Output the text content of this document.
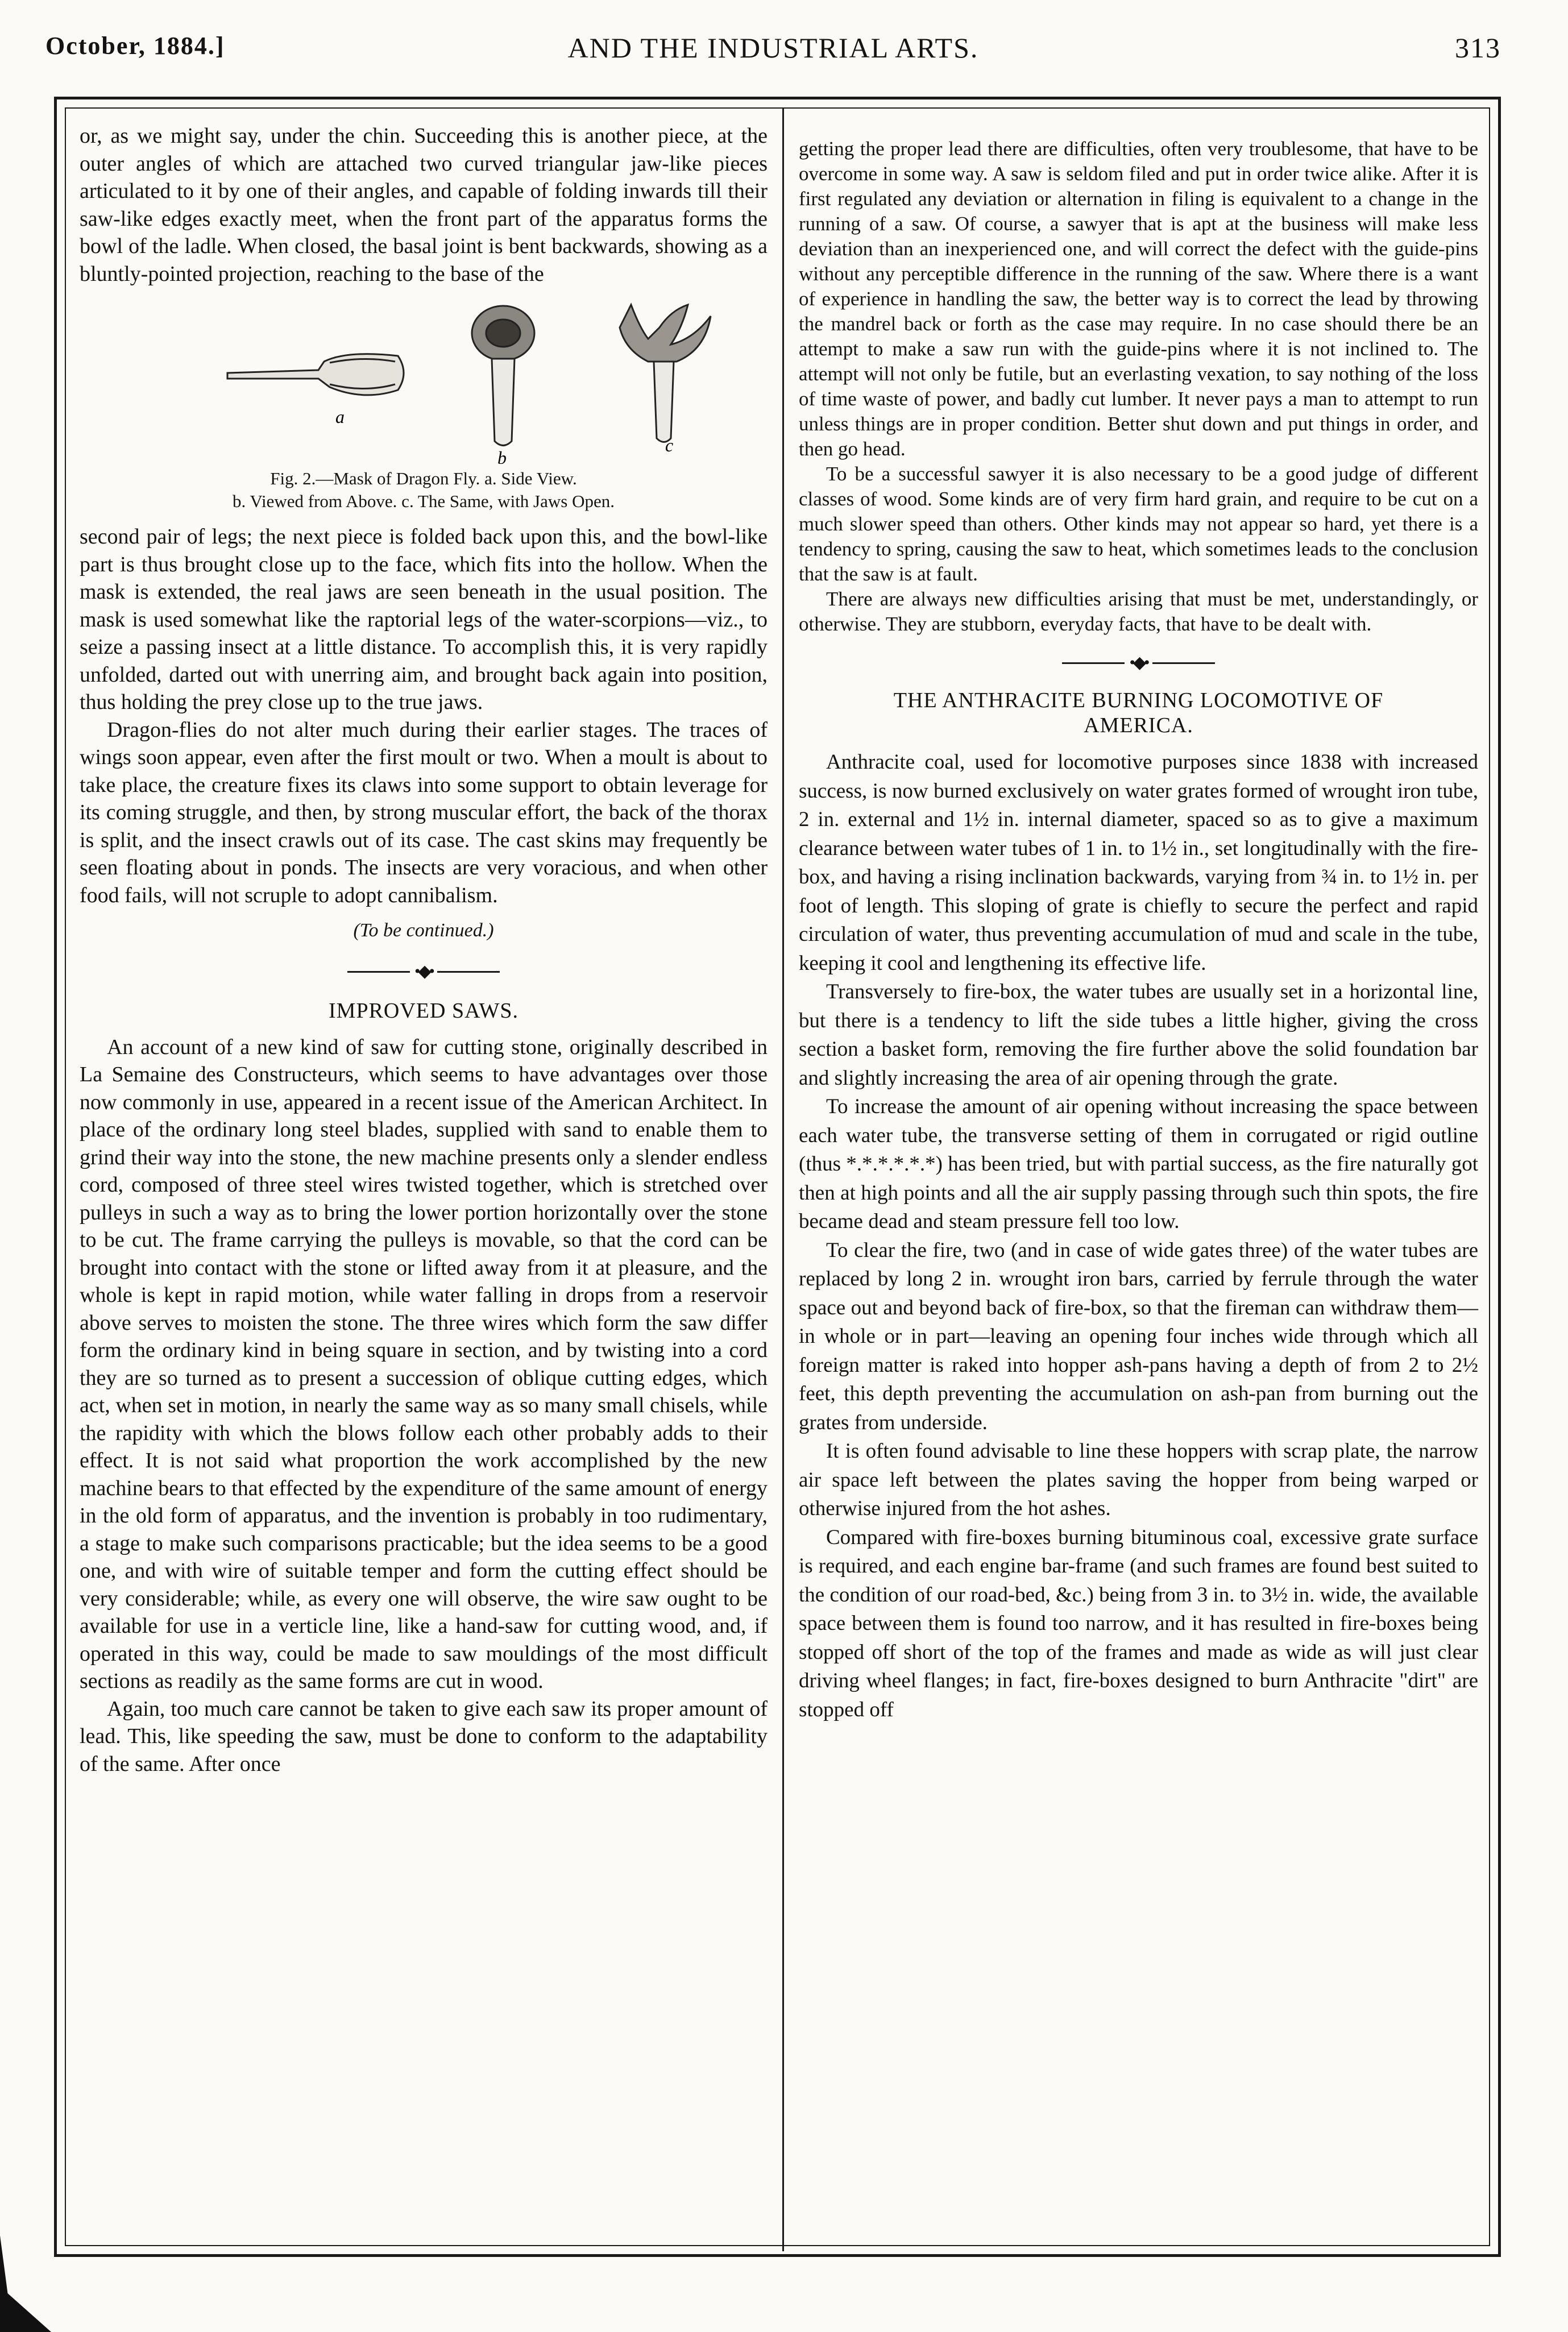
October, 1884.]	AND THE INDUSTRIAL ARTS.	313

or, as we might say, under the chin. Succeeding this is another piece, at the outer angles of which are attached two curved triangular jaw-like pieces articulated to it by one of their angles, and capable of folding inwards till their saw-like edges exactly meet, when the front part of the apparatus forms the bowl of the ladle. When closed, the basal joint is bent backwards, showing as a bluntly-pointed projection, reaching to the base of the

a
b
c
Fig. 2.—Mask of Dragon Fly. a. Side View.
b. Viewed from Above. c. The Same, with Jaws Open.

second pair of legs; the next piece is folded back upon this, and the bowl-like part is thus brought close up to the face, which fits into the hollow. When the mask is extended, the real jaws are seen beneath in the usual position. The mask is used somewhat like the raptorial legs of the water-scorpions—viz., to seize a passing insect at a little distance. To accomplish this, it is very rapidly unfolded, darted out with unerring aim, and brought back again into position, thus holding the prey close up to the true jaws.

Dragon-flies do not alter much during their earlier stages. The traces of wings soon appear, even after the first moult or two. When a moult is about to take place, the creature fixes its claws into some support to obtain leverage for its coming struggle, and then, by strong muscular effort, the back of the thorax is split, and the insect crawls out of its case. The cast skins may frequently be seen floating about in ponds. The insects are very voracious, and when other food fails, will not scruple to adopt cannibalism.

(To be continued.)
•◆•
IMPROVED SAWS.

An account of a new kind of saw for cutting stone, originally described in La Semaine des Constructeurs, which seems to have advantages over those now commonly in use, appeared in a recent issue of the American Architect. In place of the ordinary long steel blades, supplied with sand to enable them to grind their way into the stone, the new machine presents only a slender endless cord, composed of three steel wires twisted together, which is stretched over pulleys in such a way as to bring the lower portion horizontally over the stone to be cut. The frame carrying the pulleys is movable, so that the cord can be brought into contact with the stone or lifted away from it at pleasure, and the whole is kept in rapid motion, while water falling in drops from a reservoir above serves to moisten the stone. The three wires which form the saw differ form the ordinary kind in being square in section, and by twisting into a cord they are so turned as to present a succession of oblique cutting edges, which act, when set in motion, in nearly the same way as so many small chisels, while the rapidity with which the blows follow each other probably adds to their effect. It is not said what proportion the work accomplished by the new machine bears to that effected by the expenditure of the same amount of energy in the old form of apparatus, and the invention is probably in too rudimentary, a stage to make such comparisons practicable; but the idea seems to be a good one, and with wire of suitable temper and form the cutting effect should be very considerable; while, as every one will observe, the wire saw ought to be available for use in a verticle line, like a hand-saw for cutting wood, and, if operated in this way, could be made to saw mouldings of the most difficult sections as readily as the same forms are cut in wood.

Again, too much care cannot be taken to give each saw its proper amount of lead. This, like speeding the saw, must be done to conform to the adaptability of the same. After once

getting the proper lead there are difficulties, often very troublesome, that have to be overcome in some way. A saw is seldom filed and put in order twice alike. After it is first regulated any deviation or alternation in filing is equivalent to a change in the running of a saw. Of course, a sawyer that is apt at the business will make less deviation than an inexperienced one, and will correct the defect with the guide-pins without any perceptible difference in the running of the saw. Where there is a want of experience in handling the saw, the better way is to correct the lead by throwing the mandrel back or forth as the case may require. In no case should there be an attempt to make a saw run with the guide-pins where it is not inclined to. The attempt will not only be futile, but an everlasting vexation, to say nothing of the loss of time waste of power, and badly cut lumber. It never pays a man to attempt to run unless things are in proper condition. Better shut down and put things in order, and then go head.

To be a successful sawyer it is also necessary to be a good judge of different classes of wood. Some kinds are of very firm hard grain, and require to be cut on a much slower speed than others. Other kinds may not appear so hard, yet there is a tendency to spring, causing the saw to heat, which sometimes leads to the conclusion that the saw is at fault.

There are always new difficulties arising that must be met, understandingly, or otherwise. They are stubborn, everyday facts, that have to be dealt with.

•◆•
THE ANTHRACITE BURNING LOCOMOTIVE OF
AMERICA.

Anthracite coal, used for locomotive purposes since 1838 with increased success, is now burned exclusively on water grates formed of wrought iron tube, 2 in. external and 1½ in. internal diameter, spaced so as to give a maximum clearance between water tubes of 1 in. to 1½ in., set longitudinally with the fire-box, and having a rising inclination backwards, varying from ¾ in. to 1½ in. per foot of length. This sloping of grate is chiefly to secure the perfect and rapid circulation of water, thus preventing accumulation of mud and scale in the tube, keeping it cool and lengthening its effective life.

Transversely to fire-box, the water tubes are usually set in a horizontal line, but there is a tendency to lift the side tubes a little higher, giving the cross section a basket form, removing the fire further above the solid foundation bar and slightly increasing the area of air opening through the grate.

To increase the amount of air opening without increasing the space between each water tube, the transverse setting of them in corrugated or rigid outline (thus *.*.*.*.*.*) has been tried, but with partial success, as the fire naturally got then at high points and all the air supply passing through such thin spots, the fire became dead and steam pressure fell too low.

To clear the fire, two (and in case of wide gates three) of the water tubes are replaced by long 2 in. wrought iron bars, carried by ferrule through the water space out and beyond back of fire-box, so that the fireman can withdraw them—in whole or in part—leaving an opening four inches wide through which all foreign matter is raked into hopper ash-pans having a depth of from 2 to 2½ feet, this depth preventing the accumulation on ash-pan from burning out the grates from underside.

It is often found advisable to line these hoppers with scrap plate, the narrow air space left between the plates saving the hopper from being warped or otherwise injured from the hot ashes.

Compared with fire-boxes burning bituminous coal, excessive grate surface is required, and each engine bar-frame (and such frames are found best suited to the condition of our road-bed, &c.) being from 3 in. to 3½ in. wide, the available space between them is found too narrow, and it has resulted in fire-boxes being stopped off short of the top of the frames and made as wide as will just clear driving wheel flanges; in fact, fire-boxes designed to burn Anthracite "dirt" are stopped off
